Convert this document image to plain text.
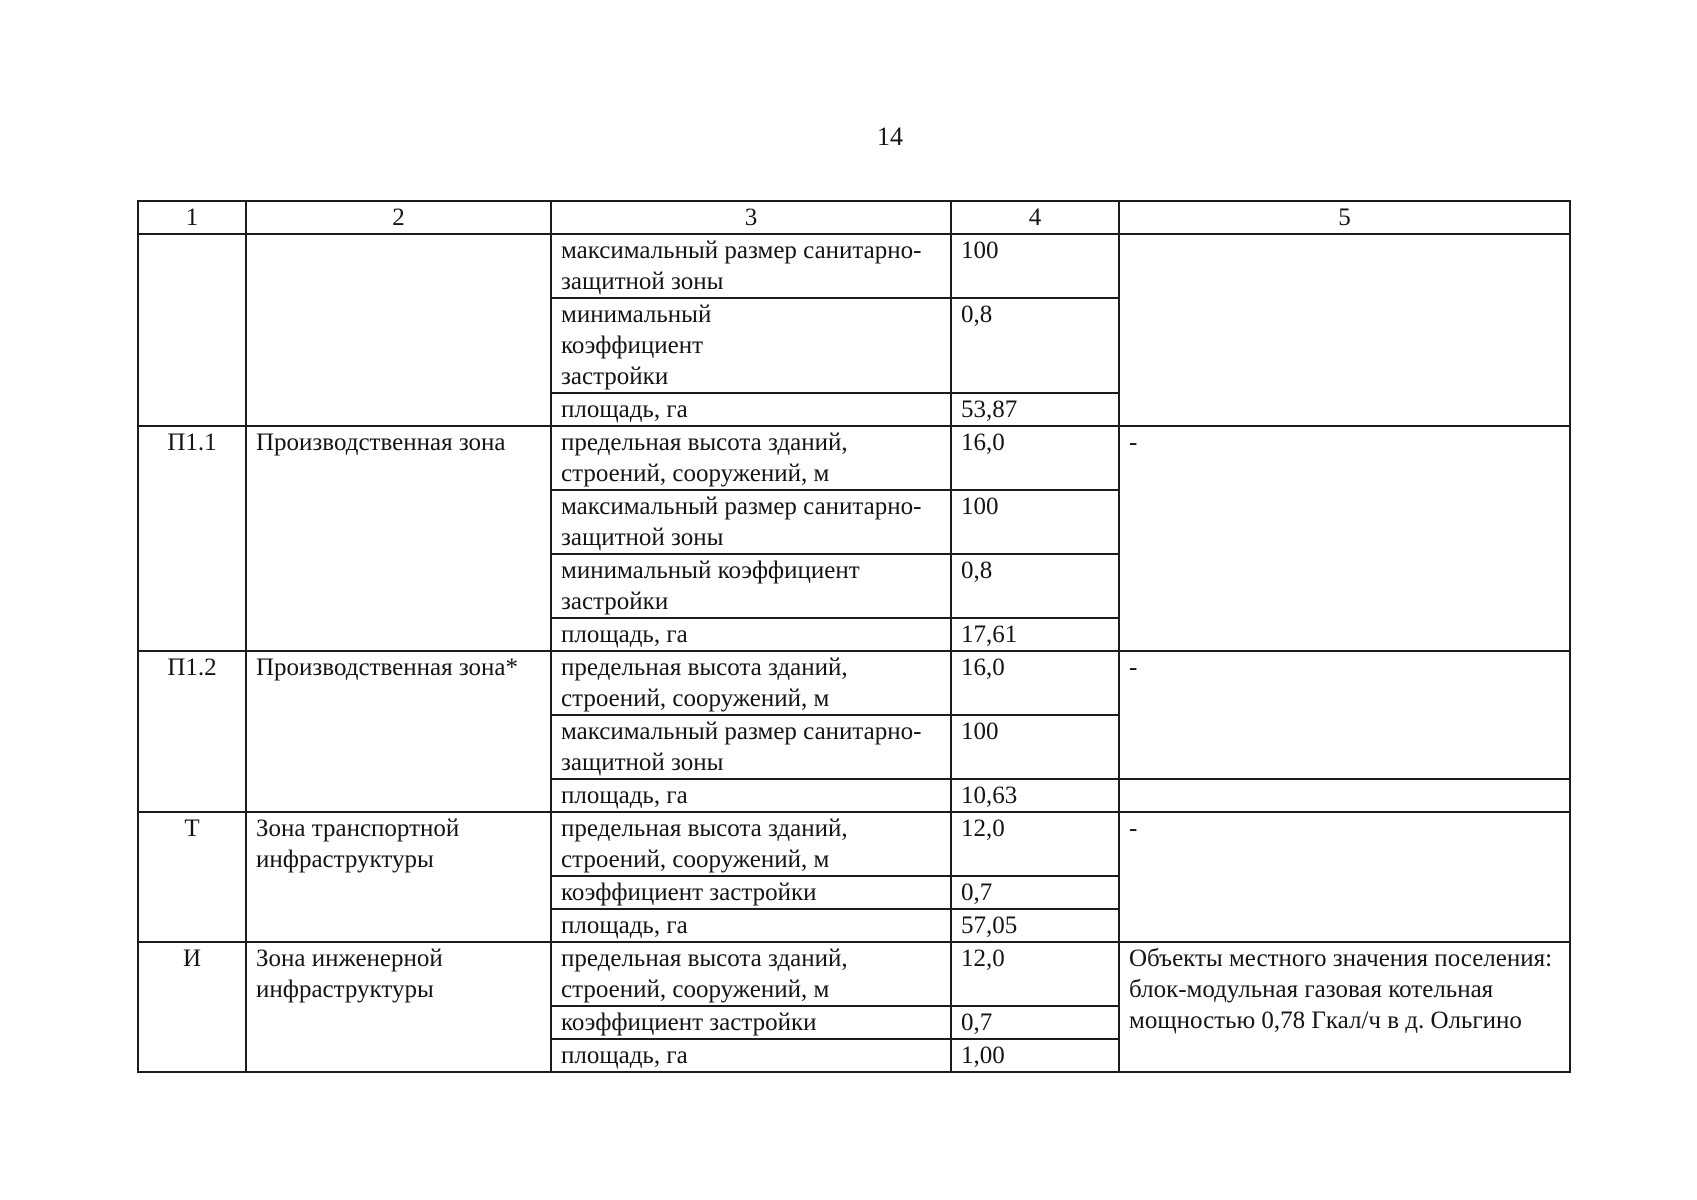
14
1	2	3	4	5
		максимальный размер санитарно-защитной зоны	100	
		минимальный коэффициент застройки	0,8	
		площадь, га	53,87	
П1.1	Производственная зона	предельная высота зданий, строений, сооружений, м	16,0	-
		максимальный размер санитарно-защитной зоны	100	
		минимальный коэффициент застройки	0,8	
		площадь, га	17,61	
П1.2	Производственная зона*	предельная высота зданий, строений, сооружений, м	16,0	-
		максимальный размер санитарно-защитной зоны	100	
		площадь, га	10,63	
Т	Зона транспортной инфраструктуры	предельная высота зданий, строений, сооружений, м	12,0	-
		коэффициент застройки	0,7	
		площадь, га	57,05	
И	Зона инженерной инфраструктуры	предельная высота зданий, строений, сооружений, м	12,0	Объекты местного значения поселения: блок-модульная газовая котельная мощностью 0,78 Гкал/ч в д. Ольгино
		коэффициент застройки	0,7	
		площадь, га	1,00	
